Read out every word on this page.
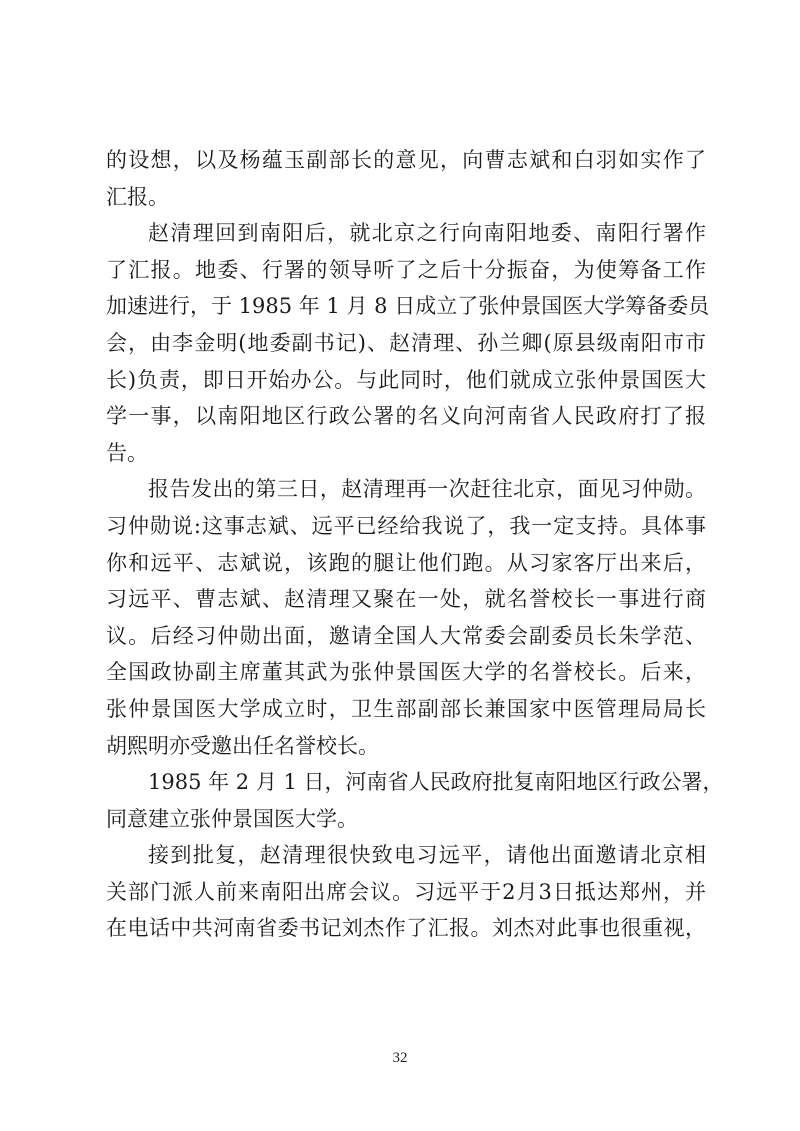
的设想，以及杨蕴玉副部长的意见，向曹志斌和白羽如实作了
汇报。
赵清理回到南阳后，就北京之行向南阳地委、南阳行署作
了汇报。地委、行署的领导听了之后十分振奋，为使筹备工作
加速进行，于 1985 年 1 月 8 日成立了张仲景国医大学筹备委员
会，由李金明(地委副书记)、赵清理、孙兰卿(原县级南阳市市
长)负责，即日开始办公。与此同时，他们就成立张仲景国医大
学一事，以南阳地区行政公署的名义向河南省人民政府打了报
告。
报告发出的第三日，赵清理再一次赶往北京，面见习仲勋。
习仲勋说:这事志斌、远平已经给我说了，我一定支持。具体事
你和远平、志斌说，该跑的腿让他们跑。从习家客厅出来后，
习远平、曹志斌、赵清理又聚在一处，就名誉校长一事进行商
议。后经习仲勋出面，邀请全国人大常委会副委员长朱学范、
全国政协副主席董其武为张仲景国医大学的名誉校长。后来，
张仲景国医大学成立时，卫生部副部长兼国家中医管理局局长
胡熙明亦受邀出任名誉校长。
1985 年 2 月 1 日，河南省人民政府批复南阳地区行政公署，
同意建立张仲景国医大学。
接到批复，赵清理很快致电习远平，请他出面邀请北京相
关部门派人前来南阳出席会议。习远平于2月3日抵达郑州，并
在电话中共河南省委书记刘杰作了汇报。刘杰对此事也很重视，
32
